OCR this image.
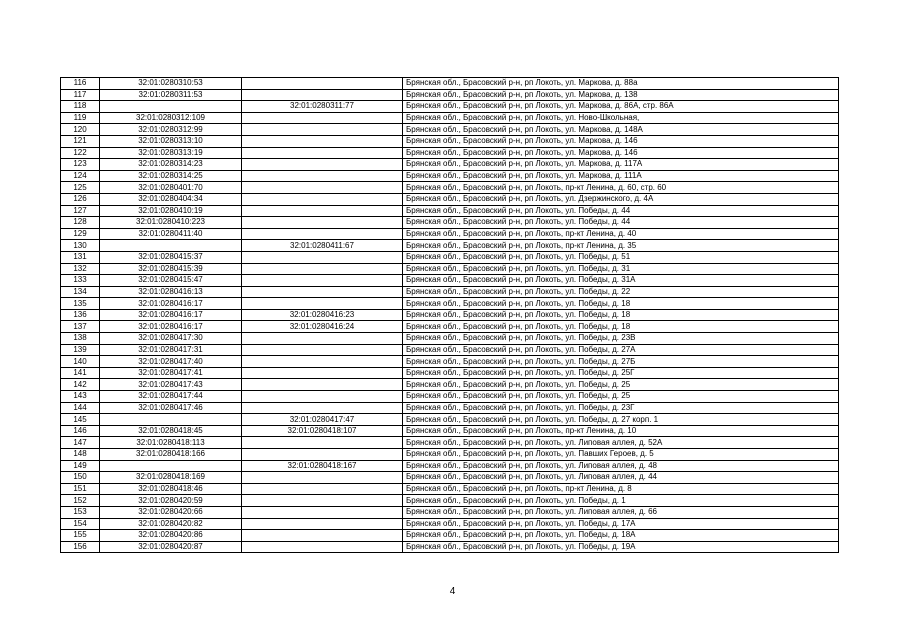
116	32:01:0280310:53		Брянская обл., Брасовский р-н, рп Локоть, ул. Маркова, д. 88а
117	32:01:0280311:53		Брянская обл., Брасовский р-н, рп Локоть, ул. Маркова, д. 138
118		32:01:0280311:77	Брянская обл., Брасовский р-н, рп Локоть, ул. Маркова, д. 86А, стр. 86А
119	32:01:0280312:109		Брянская обл., Брасовский р-н, рп Локоть, ул. Ново-Школьная,
120	32:01:0280312:99		Брянская обл., Брасовский р-н, рп Локоть, ул. Маркова, д. 148А
121	32:01:0280313:10		Брянская обл., Брасовский р-н, рп Локоть, ул. Маркова, д. 146
122	32:01:0280313:19		Брянская обл., Брасовский р-н, рп Локоть, ул. Маркова, д. 146
123	32:01:0280314:23		Брянская обл., Брасовский р-н, рп Локоть, ул. Маркова, д. 117А
124	32:01:0280314:25		Брянская обл., Брасовский р-н, рп Локоть, ул. Маркова, д. 111А
125	32:01:0280401:70		Брянская обл., Брасовский р-н, рп Локоть, пр-кт Ленина, д. 60, стр. 60
126	32:01:0280404:34		Брянская обл., Брасовский р-н, рп Локоть, ул. Дзержинского, д. 4А
127	32:01:0280410:19		Брянская обл., Брасовский р-н, рп Локоть, ул. Победы, д. 44
128	32:01:0280410:223		Брянская обл., Брасовский р-н, рп Локоть, ул. Победы, д. 44
129	32:01:0280411:40		Брянская обл., Брасовский р-н, рп Локоть, пр-кт Ленина, д. 40
130		32:01:0280411:67	Брянская обл., Брасовский р-н, рп Локоть, пр-кт Ленина, д. 35
131	32:01:0280415:37		Брянская обл., Брасовский р-н, рп Локоть, ул. Победы, д. 51
132	32:01:0280415:39		Брянская обл., Брасовский р-н, рп Локоть, ул. Победы, д. 31
133	32:01:0280415:47		Брянская обл., Брасовский р-н, рп Локоть, ул. Победы, д. 31А
134	32:01:0280416:13		Брянская обл., Брасовский р-н, рп Локоть, ул. Победы, д. 22
135	32:01:0280416:17		Брянская обл., Брасовский р-н, рп Локоть, ул. Победы, д. 18
136	32:01:0280416:17	32:01:0280416:23	Брянская обл., Брасовский р-н, рп Локоть, ул. Победы, д. 18
137	32:01:0280416:17	32:01:0280416:24	Брянская обл., Брасовский р-н, рп Локоть, ул. Победы, д. 18
138	32:01:0280417:30		Брянская обл., Брасовский р-н, рп Локоть, ул. Победы, д. 23В
139	32:01:0280417:31		Брянская обл., Брасовский р-н, рп Локоть, ул. Победы, д. 27А
140	32:01:0280417:40		Брянская обл., Брасовский р-н, рп Локоть, ул. Победы, д. 27Б
141	32:01:0280417:41		Брянская обл., Брасовский р-н, рп Локоть, ул. Победы, д. 25Г
142	32:01:0280417:43		Брянская обл., Брасовский р-н, рп Локоть, ул. Победы, д. 25
143	32:01:0280417:44		Брянская обл., Брасовский р-н, рп Локоть, ул. Победы, д. 25
144	32:01:0280417:46		Брянская обл., Брасовский р-н, рп Локоть, ул. Победы, д. 23Г
145		32:01:0280417:47	Брянская обл., Брасовский р-н, рп Локоть, ул. Победы, д. 27 корп. 1
146	32:01:0280418:45	32:01:0280418:107	Брянская обл., Брасовский р-н, рп Локоть, пр-кт Ленина, д. 10
147	32:01:0280418:113		Брянская обл., Брасовский р-н, рп Локоть, ул. Липовая аллея, д. 52А
148	32:01:0280418:166		Брянская обл., Брасовский р-н, рп Локоть, ул. Павших Героев, д. 5
149		32:01:0280418:167	Брянская обл., Брасовский р-н, рп Локоть, ул. Липовая аллея, д. 48
150	32:01:0280418:169		Брянская обл., Брасовский р-н, рп Локоть, ул. Липовая аллея, д. 44
151	32:01:0280418:46		Брянская обл., Брасовский р-н, рп Локоть, пр-кт Ленина, д. 8
152	32:01:0280420:59		Брянская обл., Брасовский р-н, рп Локоть, ул. Победы, д. 1
153	32:01:0280420:66		Брянская обл., Брасовский р-н, рп Локоть, ул. Липовая аллея, д. 66
154	32:01:0280420:82		Брянская обл., Брасовский р-н, рп Локоть, ул. Победы, д. 17А
155	32:01:0280420:86		Брянская обл., Брасовский р-н, рп Локоть, ул. Победы, д. 18А
156	32:01:0280420:87		Брянская обл., Брасовский р-н, рп Локоть, ул. Победы, д. 19А
4
